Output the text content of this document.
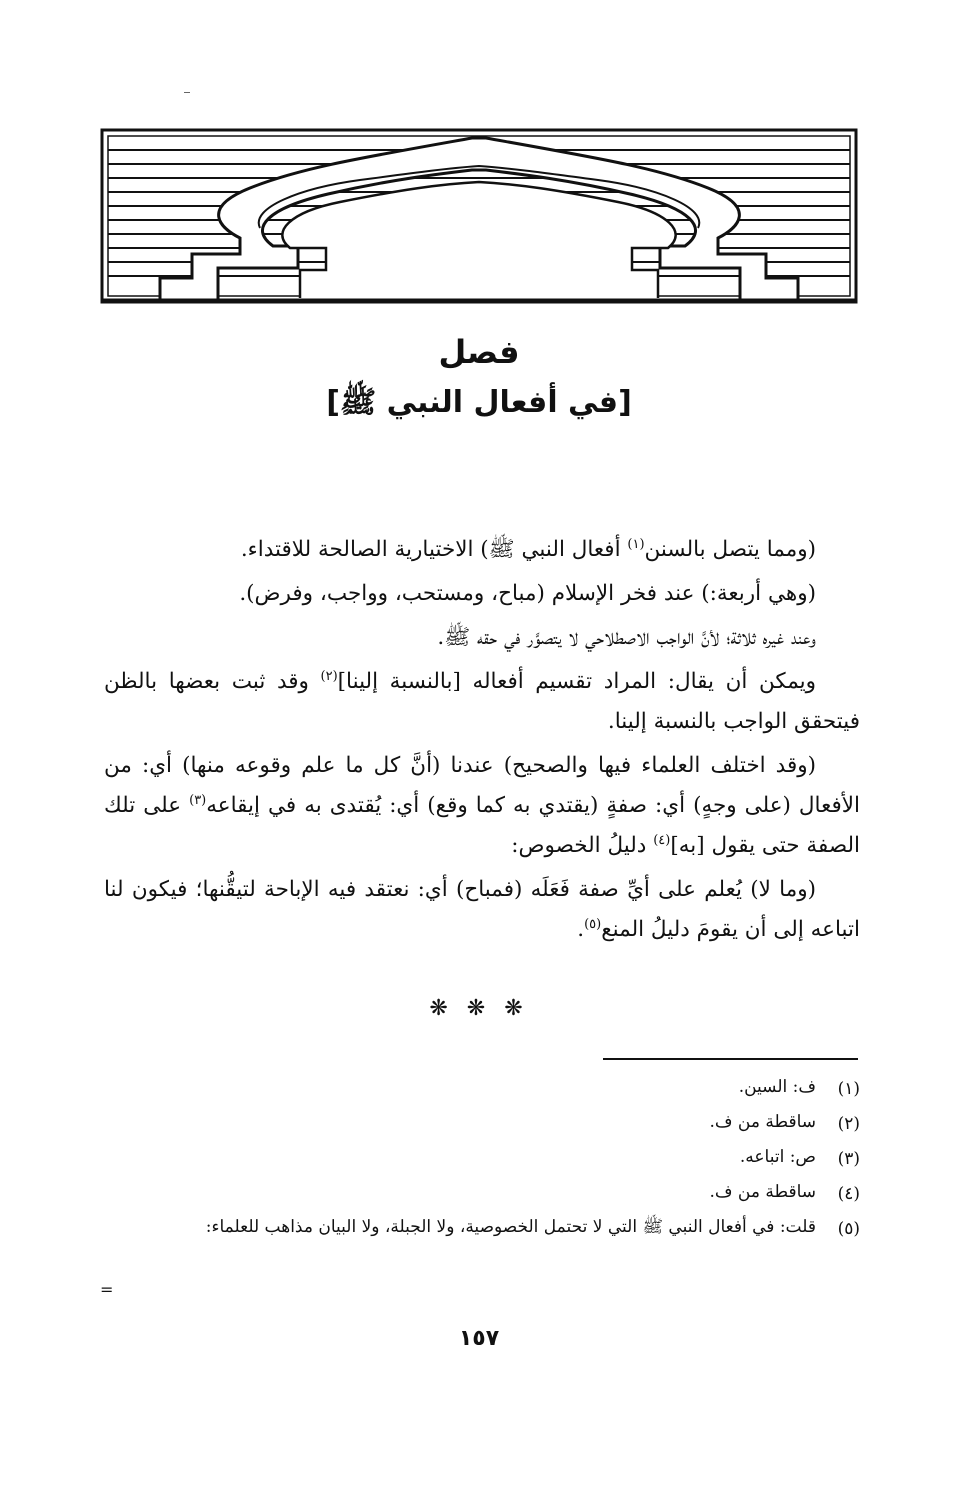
فصل

[في أفعال النبي ﷺ]

(ومما يتصل بالسنن$^{(١)}$ أفعال النبي ﷺ) الاختيارية الصالحة للاقتداء.

(وهي أربعة:) عند فخر الإسلام (مباح، ومستحب، وواجب، وفرض).

وعند غيره ثلاثة؛ لأنَّ الواجب الاصطلاحي لا يتصوَّر في حقه ﷺ.

ويمكن أن يقال: المراد تقسيم أفعاله [بالنسبة إلينا]$^{(٢)}$ وقد ثبت بعضها بالظن فيتحقق الواجب بالنسبة إلينا.

(وقد اختلف العلماء فيها والصحيح) عندنا (أنَّ كل ما علم وقوعه منها) أي: من الأفعال (على وجهٍ) أي: صفةٍ (يقتدي به كما وقع) أي: يُقتدى به في إيقاعه$^{(٣)}$ على تلك الصفة حتى يقول [به]$^{(٤)}$ دليلُ الخصوص:

(وما لا) يُعلم على أيِّ صفة فَعَلَه (فمباح) أي: نعتقد فيه الإباحة لتيقُّنها؛ فيكون لنا اتباعه إلى أن يقومَ دليلُ المنع$^{(٥)}$.

❋ ❋ ❋
(١)
ف: السين.
(٢)
ساقطة من ف.
(٣)
ص: اتباعه.
(٤)
ساقطة من ف.
(٥)
قلت: في أفعال النبي ﷺ التي لا تحتمل الخصوصية، ولا الجبلة، ولا البيان مذاهب للعلماء:
=
١٥٧
